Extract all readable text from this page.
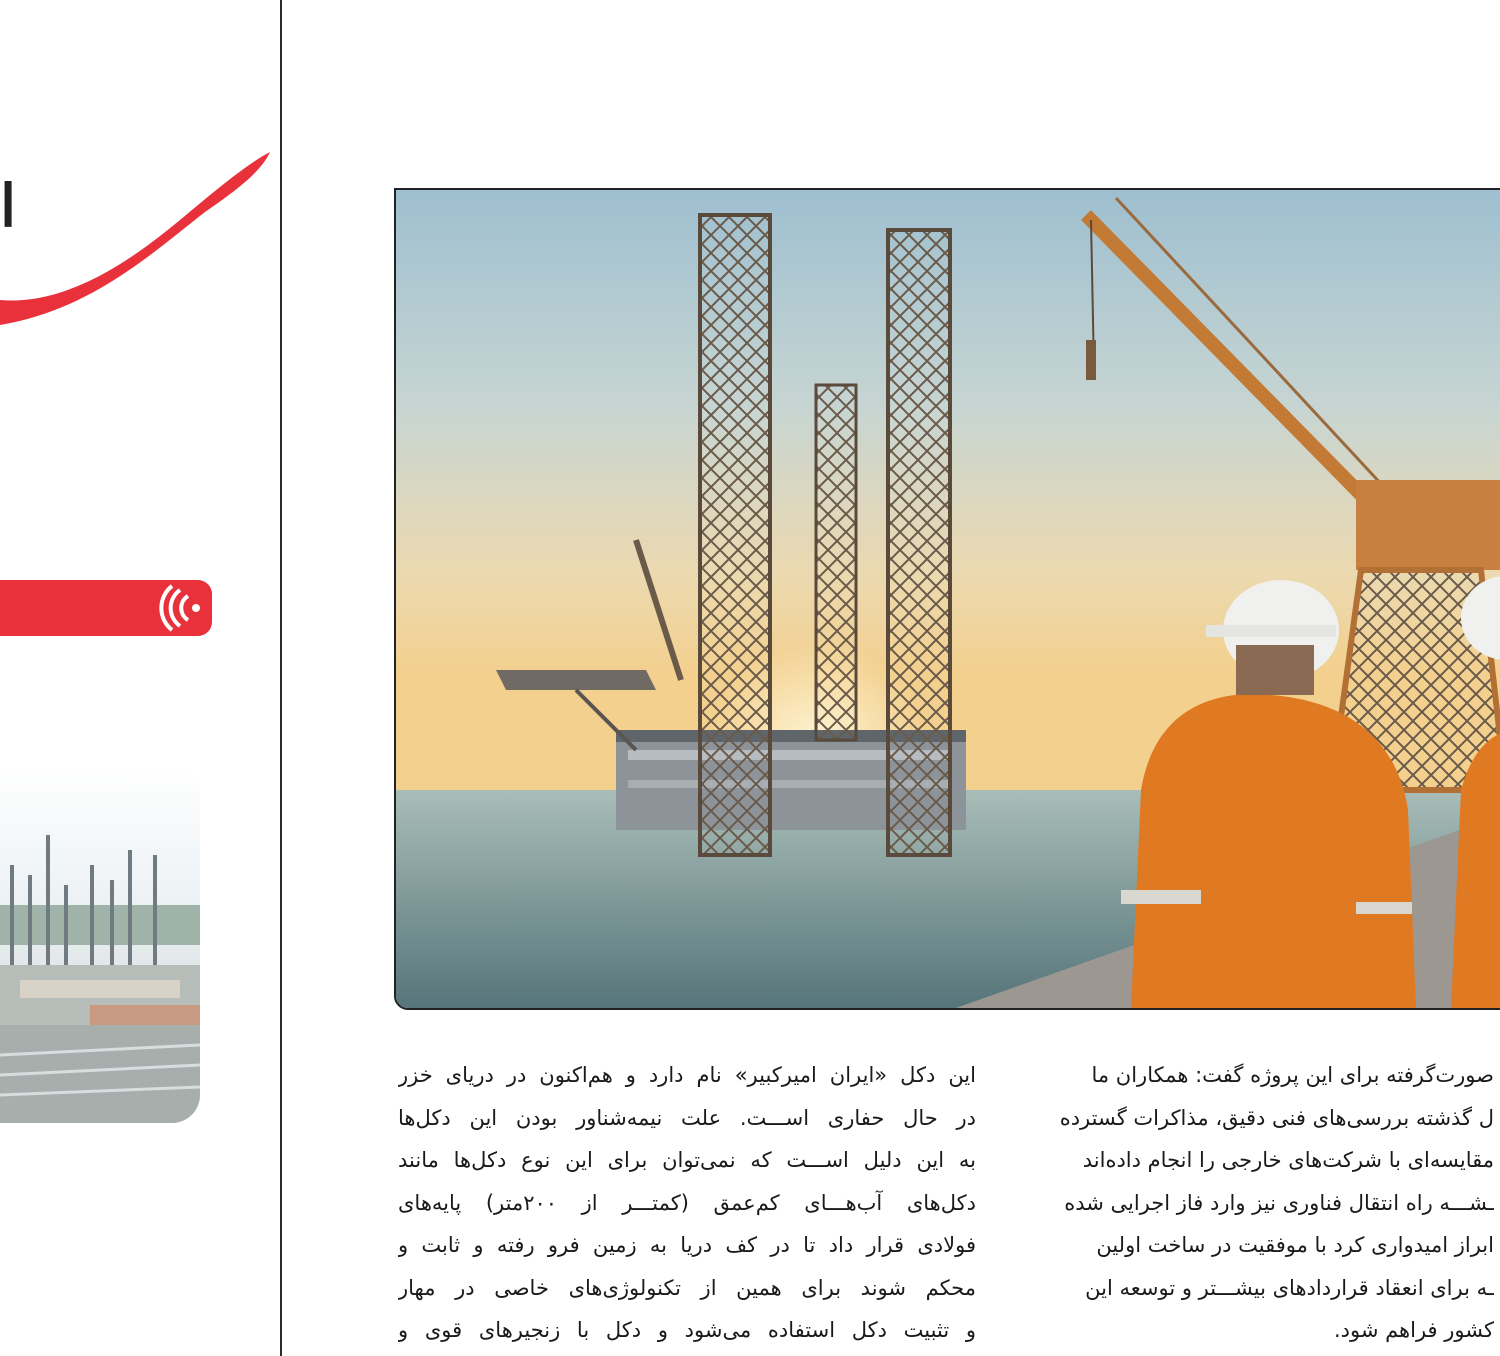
ا
این دکل «ایران امیرکبیر» نام دارد و هم‌اکنون در دریای خزر
در حال حفاری اســـت. علت نیمه‌شناور بودن این دکل‌ها
به این دلیل اســـت که نمی‌توان برای این نوع دکل‌ها مانند
دکل‌های آب‌هـــای کم‌عمق (کمتـــر از ۲۰۰متر) پایه‌های
فولادی قرار داد تا در کف دریا به زمین فرو رفته و ثابت و
محکم شوند برای همین از تکنولوژی‌های خاصی در مهار
و تثبیت دکل استفاده می‌شود و دکل با زنجیرهای قوی و
صورت‌گرفته برای این پروژه گفت: همکاران ما
ل گذشته بررسی‌های فنی دقیق، مذاکرات گسترده
مقایسه‌ای با شرکت‌های خارجی را انجام داده‌اند
ـشـــه راه انتقال فناوری نیز وارد فاز اجرایی شده
ابراز امیدواری کرد با موفقیت در ساخت اولین
ـه برای انعقاد قراردادهای بیشـــتر و توسعه این
کشور فراهم شود.
